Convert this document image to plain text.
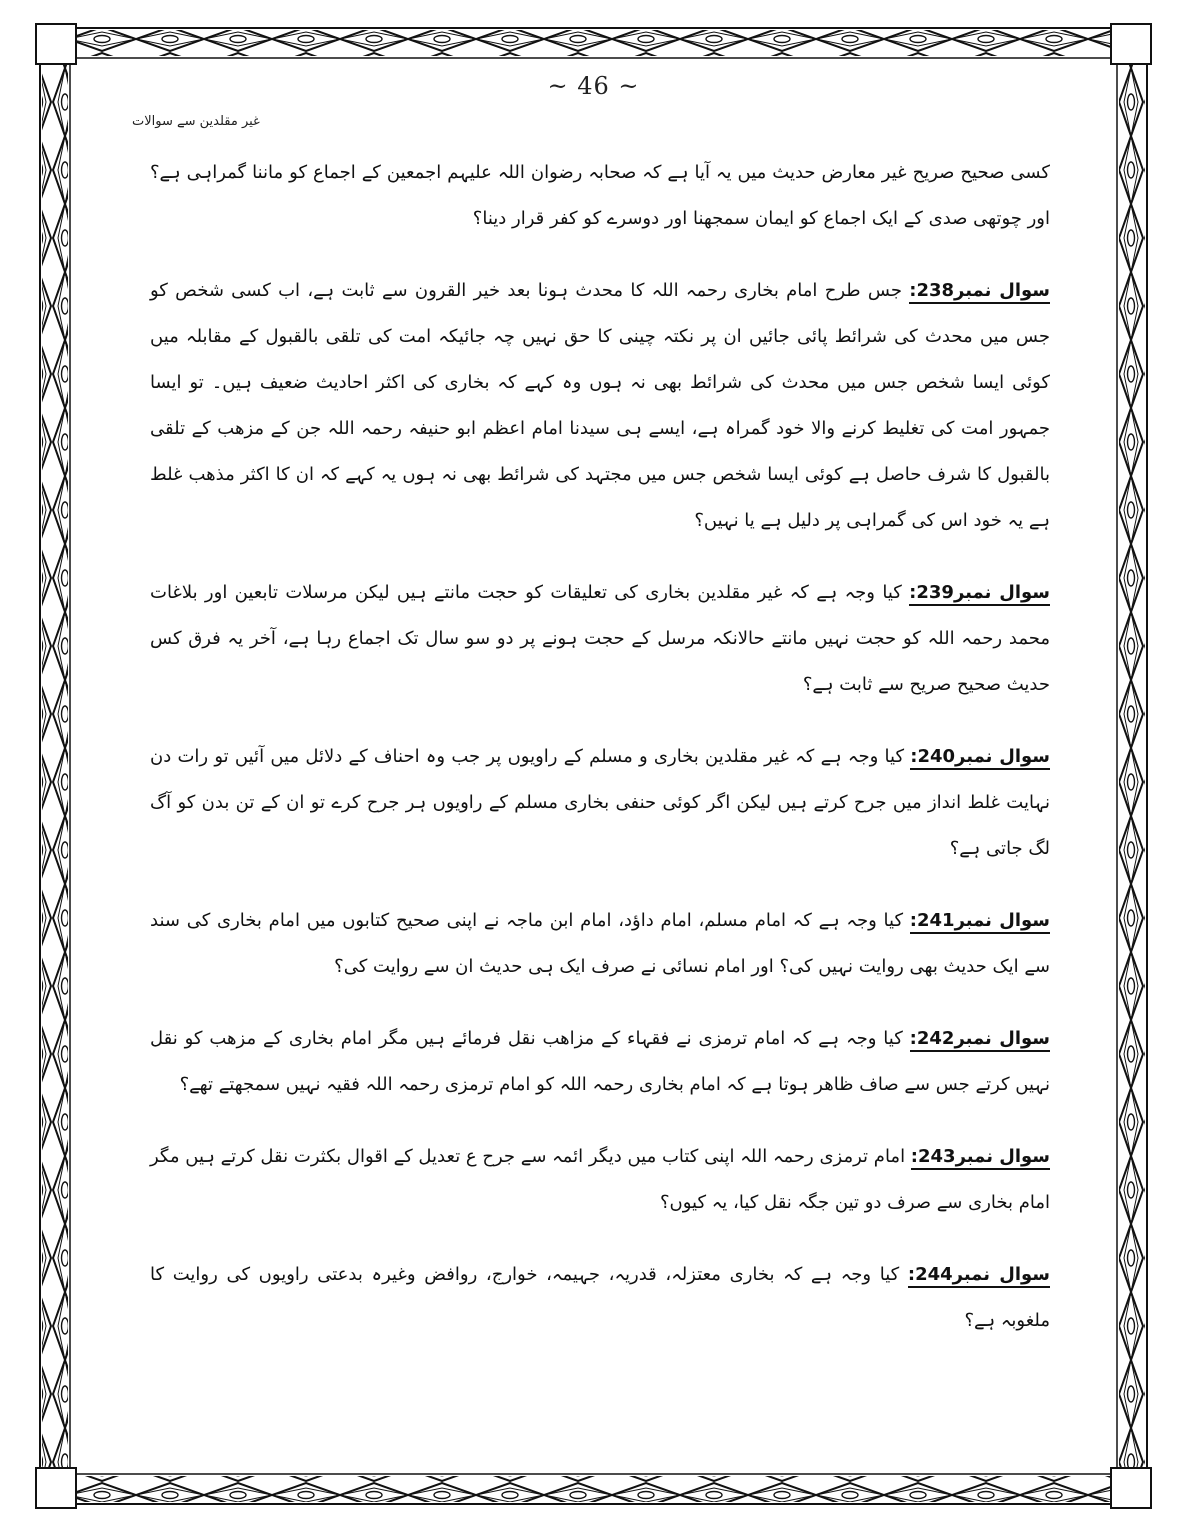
~ 46 ~
غیر مقلدین سے سوالات

کسی صحیح صریح غیر معارض حدیث میں یہ آیا ہے کہ صحابہ رضوان اللہ علیہم اجمعین کے اجماع کو ماننا گمراہی ہے؟ اور چوتھی صدی کے ایک اجماع کو ایمان سمجھنا اور دوسرے کو کفر قرار دینا؟

سوال نمبر238: جس طرح امام بخاری رحمہ اللہ کا محدث ہونا بعد خیر القرون سے ثابت ہے، اب کسی شخص کو جس میں محدث کی شرائط پائی جائیں ان پر نکتہ چینی کا حق نہیں چہ جائیکہ امت کی تلقی بالقبول کے مقابلہ میں کوئی ایسا شخص جس میں محدث کی شرائط بھی نہ ہوں وہ کہے کہ بخاری کی اکثر احادیث ضعیف ہیں۔ تو ایسا جمہور امت کی تغلیط کرنے والا خود گمراہ ہے، ایسے ہی سیدنا امام اعظم ابو حنیفہ رحمہ اللہ جن کے مزھب کے تلقی بالقبول کا شرف حاصل ہے کوئی ایسا شخص جس میں مجتہد کی شرائط بھی نہ ہوں یہ کہے کہ ان کا اکثر مذھب غلط ہے یہ خود اس کی گمراہی پر دلیل ہے یا نہیں؟

سوال نمبر239: کیا وجہ ہے کہ غیر مقلدین بخاری کی تعلیقات کو حجت مانتے ہیں لیکن مرسلات تابعین اور بلاغات محمد رحمہ اللہ کو حجت نہیں مانتے حالانکہ مرسل کے حجت ہونے پر دو سو سال تک اجماع رہا ہے، آخر یہ فرق کس حدیث صحیح صریح سے ثابت ہے؟

سوال نمبر240: کیا وجہ ہے کہ غیر مقلدین بخاری و مسلم کے راویوں پر جب وہ احناف کے دلائل میں آئیں تو رات دن نہایت غلط انداز میں جرح کرتے ہیں لیکن اگر کوئی حنفی بخاری مسلم کے راویوں ہر جرح کرے تو ان کے تن بدن کو آگ لگ جاتی ہے؟

سوال نمبر241: کیا وجہ ہے کہ امام مسلم، امام داؤد، امام ابن ماجہ نے اپنی صحیح کتابوں میں امام بخاری کی سند سے ایک حدیث بھی روایت نہیں کی؟ اور امام نسائی نے صرف ایک ہی حدیث ان سے روایت کی؟

سوال نمبر242: کیا وجہ ہے کہ امام ترمزی نے فقہاء کے مزاھب نقل فرمائے ہیں مگر امام بخاری کے مزھب کو نقل نہیں کرتے جس سے صاف ظاھر ہوتا ہے کہ امام بخاری رحمہ اللہ کو امام ترمزی رحمہ اللہ فقیہ نہیں سمجھتے تھے؟

سوال نمبر243: امام ترمزی رحمہ اللہ اپنی کتاب میں دیگر ائمہ سے جرح ع تعدیل کے اقوال بکثرت نقل کرتے ہیں مگر امام بخاری سے صرف دو تین جگہ نقل کیا، یہ کیوں؟

سوال نمبر244: کیا وجہ ہے کہ بخاری معتزلہ، قدریہ، جہیمہ، خوارج، روافض وغیرہ بدعتی راویوں کی روایت کا ملغوبہ ہے؟
